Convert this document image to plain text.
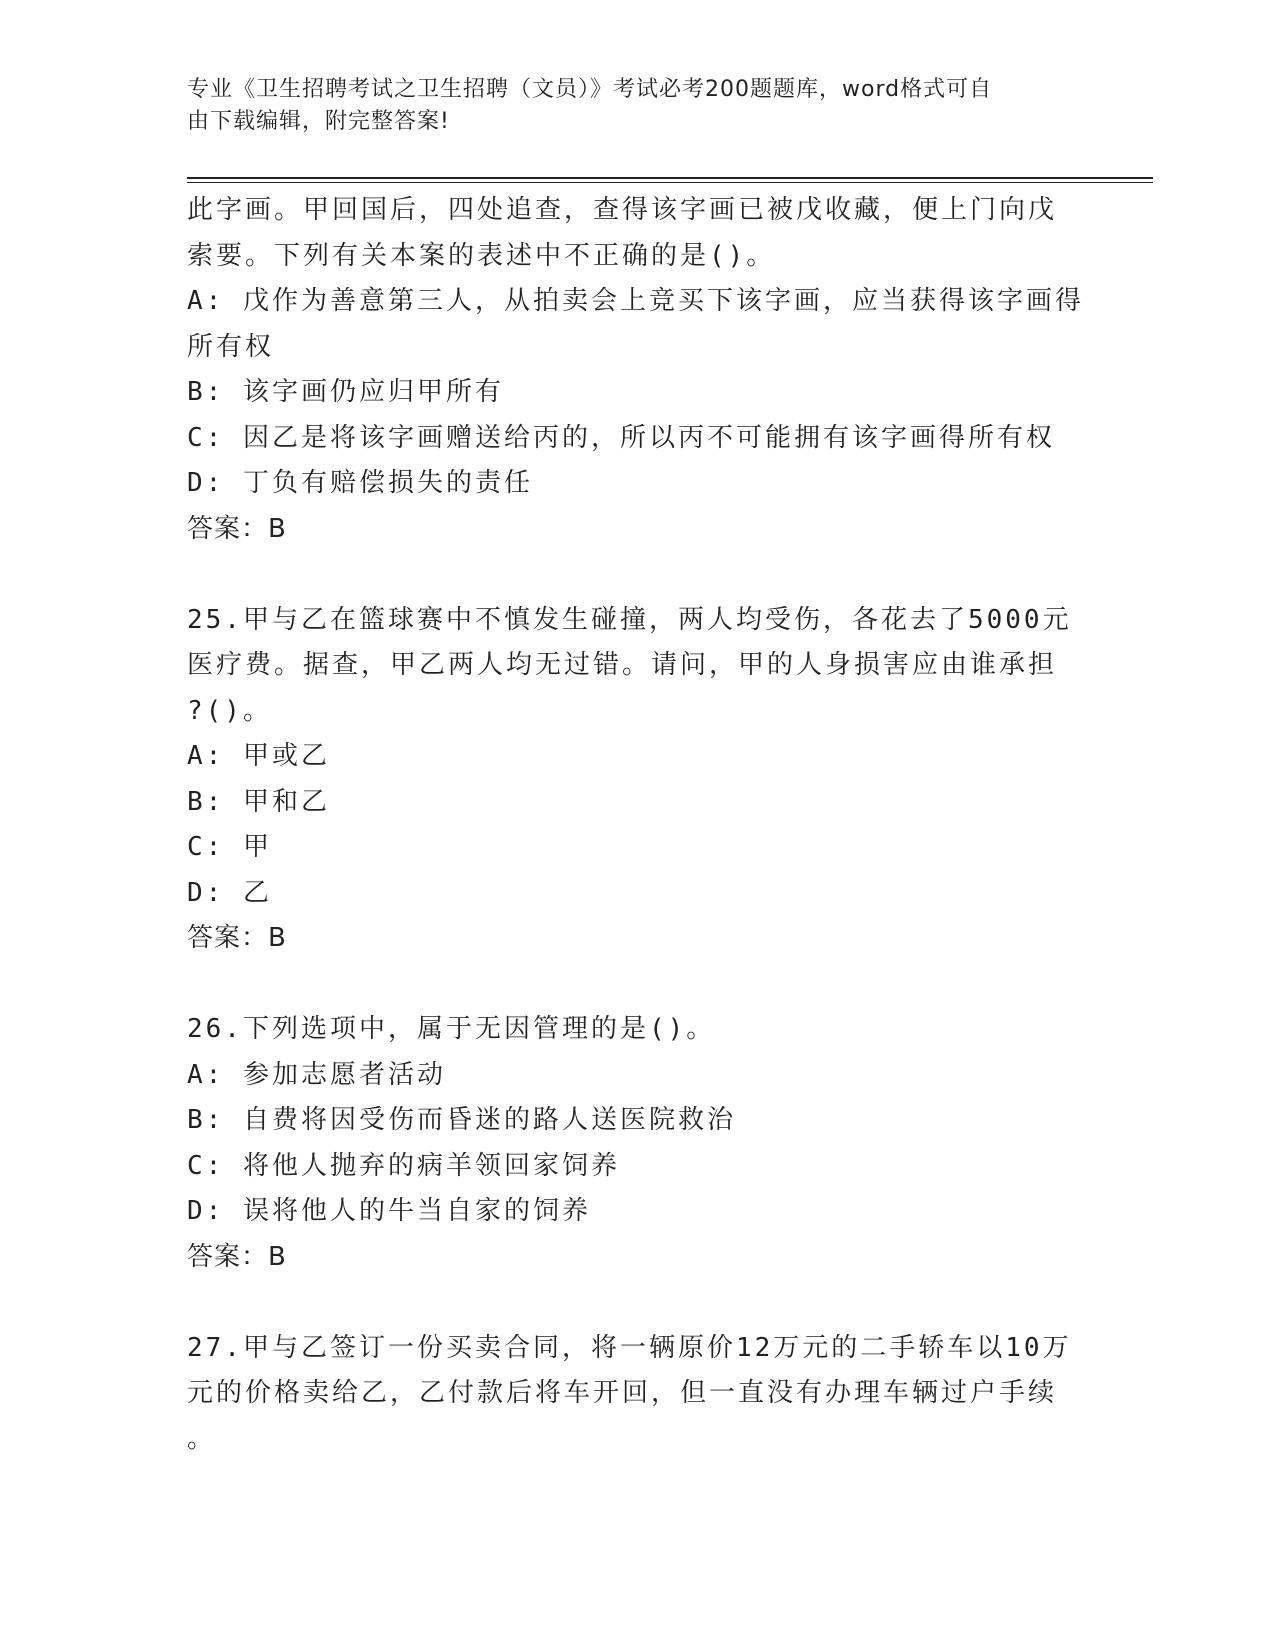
专业《卫生招聘考试之卫生招聘（文员）》考试必考200题题库，word格式可自
由下载编辑，附完整答案!
此字画。甲回国后，四处追查，查得该字画已被戊收藏，便上门向戊
索要。下列有关本案的表述中不正确的是()。
A: 戊作为善意第三人，从拍卖会上竞买下该字画，应当获得该字画得
所有权
B: 该字画仍应归甲所有
C: 因乙是将该字画赠送给丙的，所以丙不可能拥有该字画得所有权
D: 丁负有赔偿损失的责任
答案：B
25.甲与乙在篮球赛中不慎发生碰撞，两人均受伤，各花去了5000元
医疗费。据查，甲乙两人均无过错。请问，甲的人身损害应由谁承担
?()。
A: 甲或乙
B: 甲和乙
C: 甲
D: 乙
答案：B
26.下列选项中，属于无因管理的是()。
A: 参加志愿者活动
B: 自费将因受伤而昏迷的路人送医院救治
C: 将他人抛弃的病羊领回家饲养
D: 误将他人的牛当自家的饲养
答案：B
27.甲与乙签订一份买卖合同，将一辆原价12万元的二手轿车以10万
元的价格卖给乙，乙付款后将车开回，但一直没有办理车辆过户手续
。
